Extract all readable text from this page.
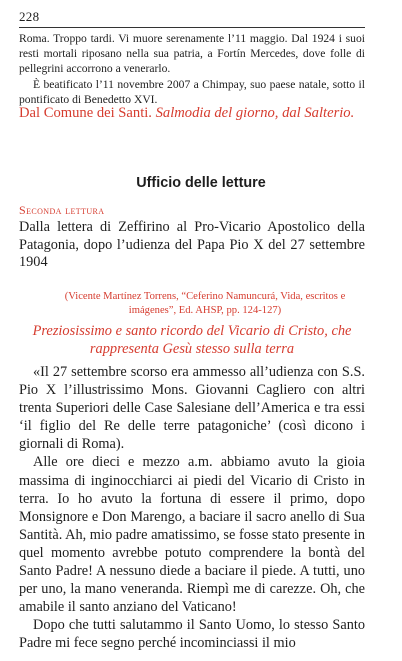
228

Roma. Troppo tardi. Vi muore serenamente l’11 maggio. Dal 1924 i suoi resti mortali riposano nella sua patria, a Fortín Mercedes, dove folle di pellegrini accorrono a venerarlo.

È beatificato l’11 novembre 2007 a Chimpay, suo paese natale, sotto il pontificato di Benedetto XVI.

Dal Comune dei Santi. Salmodia del giorno, dal Salterio.
Ufficio delle letture
Seconda lettura
Dalla lettera di Zeffirino al Pro-Vicario Apostolico della Patagonia, dopo l’udienza del Papa Pio X del 27 settembre 1904
(Vicente Martínez Torrens, “Ceferino Namuncurá, Vida, escritos e imágenes”, Ed. AHSP, pp. 124-127)
Preziosissimo e santo ricordo del Vicario di Cristo, che rappresenta Gesù stesso sulla terra

«Il 27 settembre scorso era ammesso all’udienza con S.S. Pio X l’illustrissimo Mons. Giovanni Cagliero con altri trenta Superiori delle Case Salesiane dell’America e tra essi ‘il figlio del Re delle terre patagoniche’ (così dicono i giornali di Roma).

Alle ore dieci e mezzo a.m. abbiamo avuto la gioia massima di inginocchiarci ai piedi del Vicario di Cristo in terra. Io ho avuto la fortuna di essere il primo, dopo Monsignore e Don Marengo, a baciare il sacro anello di Sua Santità. Ah, mio padre amatissimo, se fosse stato presente in quel momento avrebbe potuto comprendere la bontà del Santo Padre! A nessuno diede a baciare il piede. A tutti, uno per uno, la mano veneranda. Riempì me di carezze. Oh, che amabile il santo anziano del Vaticano!

Dopo che tutti salutammo il Santo Uomo, lo stesso Santo Padre mi fece segno perché incominciassi il mio
